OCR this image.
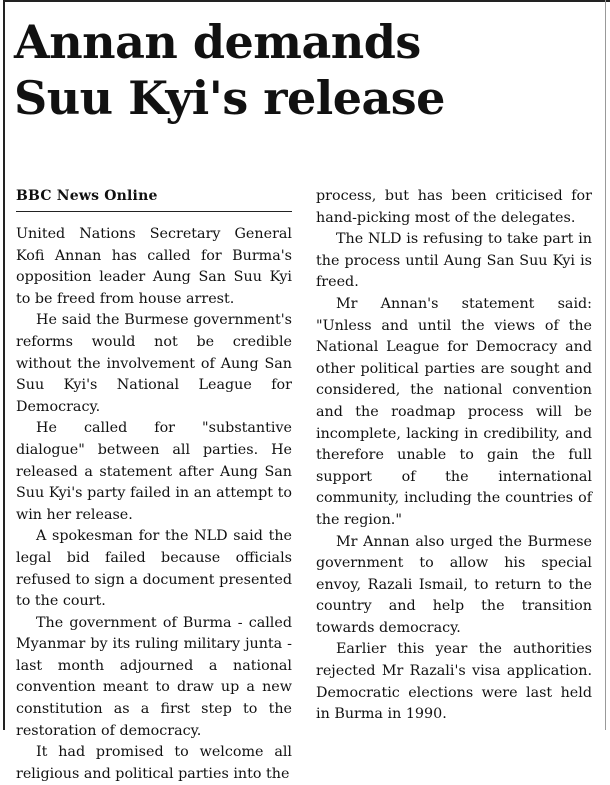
Annan demands
Suu Kyi's release
BBC News Online

United Nations Secretary General Kofi Annan has called for Burma's opposition leader Aung San Suu Kyi to be freed from house arrest.

He said the Burmese government's reforms would not be credible without the involvement of Aung San Suu Kyi's National League for Democracy.

He called for "substantive dialogue" between all parties. He released a statement after Aung San Suu Kyi's party failed in an attempt to win her release.

A spokesman for the NLD said the legal bid failed because officials refused to sign a document presented to the court.

The government of Burma - called Myanmar by its ruling military junta - last month adjourned a national convention meant to draw up a new constitution as a first step to the restoration of democracy.

It had promised to welcome all religious and political parties into the

process, but has been criticised for hand-picking most of the delegates.

The NLD is refusing to take part in the process until Aung San Suu Kyi is freed.

Mr Annan's statement said: "Unless and until the views of the National League for Democracy and other political parties are sought and considered, the national convention and the roadmap process will be incomplete, lacking in credibility, and therefore unable to gain the full support of the international community, including the countries of the region."

Mr Annan also urged the Burmese government to allow his special envoy, Razali Ismail, to return to the country and help the transition towards democracy.

Earlier this year the authorities rejected Mr Razali's visa application. Democratic elections were last held in Burma in 1990.
